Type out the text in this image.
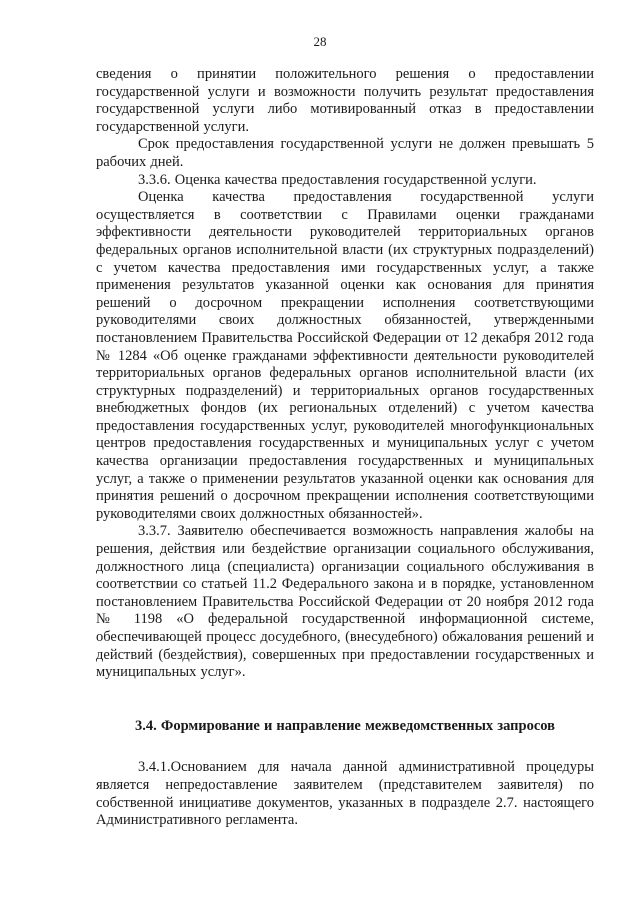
28

сведения о принятии положительного решения о предоставлении государственной услуги и возможности получить результат предоставления государственной услуги либо мотивированный отказ в предоставлении государственной услуги.

Срок предоставления государственной услуги не должен превышать 5 рабочих дней.

3.3.6. Оценка качества предоставления государственной услуги.

Оценка качества предоставления государственной услуги осуществляется в соответствии с Правилами оценки гражданами эффективности деятельности руководителей территориальных органов федеральных органов исполнительной власти (их структурных подразделений) с учетом качества предоставления ими государственных услуг, а также применения результатов указанной оценки как основания для принятия решений о досрочном прекращении исполнения соответствующими руководителями своих должностных обязанностей, утвержденными постановлением Правительства Российской Федерации от 12 декабря 2012 года № 1284 «Об оценке гражданами эффективности деятельности руководителей территориальных органов федеральных органов исполнительной власти (их структурных подразделений) и территориальных органов государственных внебюджетных фондов (их региональных отделений) с учетом качества предоставления государственных услуг, руководителей многофункциональных центров предоставления государственных и муниципальных услуг с учетом качества организации предоставления государственных и муниципальных услуг, а также о применении результатов указанной оценки как основания для принятия решений о досрочном прекращении исполнения соответствующими руководителями своих должностных обязанностей».

3.3.7. Заявителю обеспечивается возможность направления жалобы на решения, действия или бездействие организации социального обслуживания, должностного лица (специалиста) организации социального обслуживания в соответствии со статьей 11.2 Федерального закона и в порядке, установленном постановлением Правительства Российской Федерации от 20 ноября 2012 года № 1198 «О федеральной государственной информационной системе, обеспечивающей процесс досудебного, (внесудебного) обжалования решений и действий (бездействия), совершенных при предоставлении государственных и муниципальных услуг».

3.4. Формирование и направление межведомственных запросов

3.4.1.Основанием для начала данной административной процедуры является непредоставление заявителем (представителем заявителя) по собственной инициативе документов, указанных в подразделе 2.7. настоящего Административного регламента.
